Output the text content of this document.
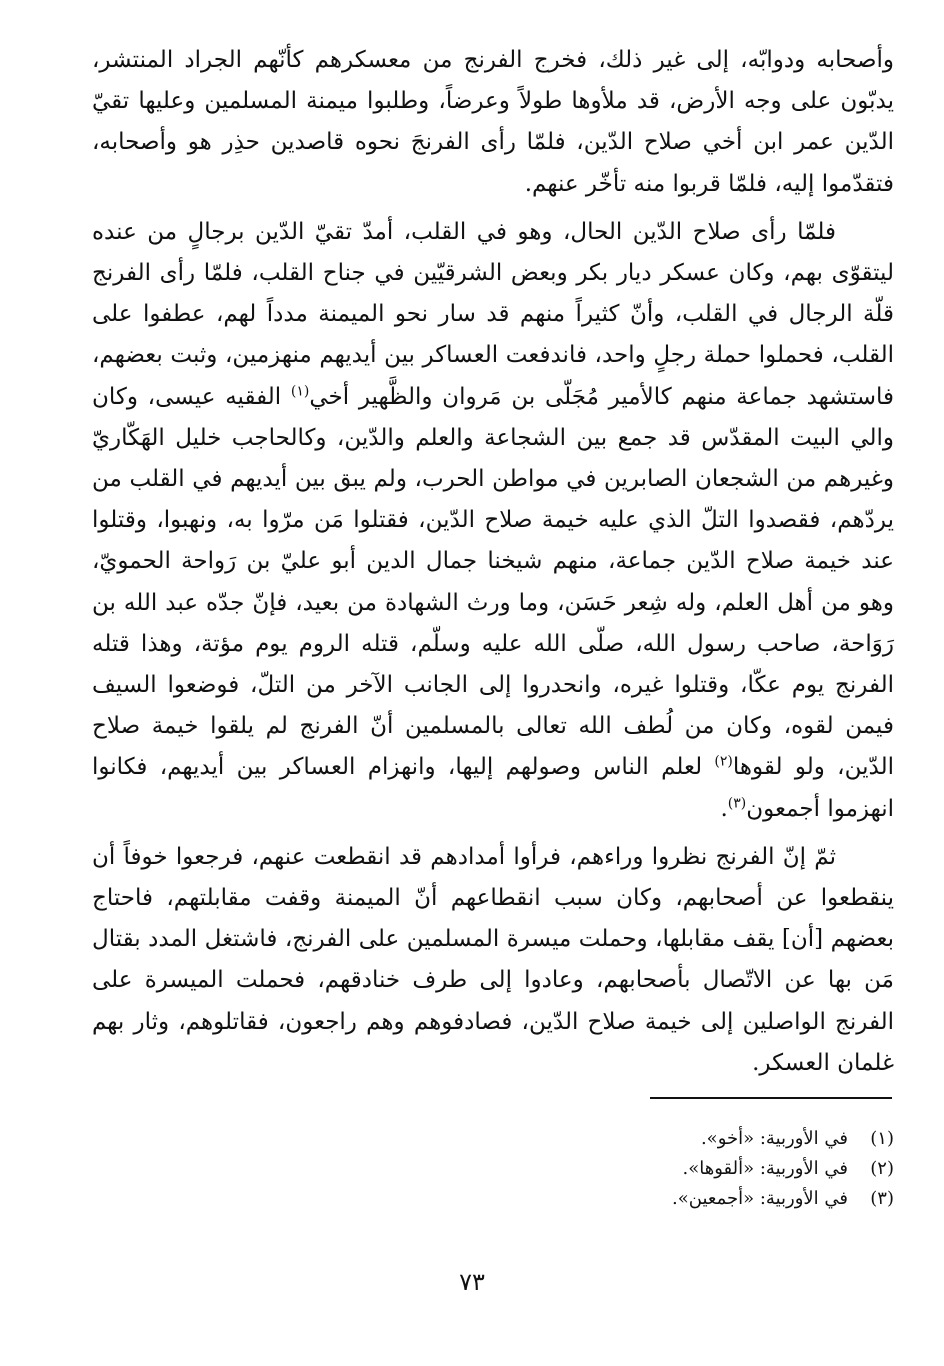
وأصحابه ودوابّه، إلى غير ذلك، فخرج الفرنج من معسكرهم كأنّهم الجراد المنتشر، يدبّون على وجه الأرض، قد ملأوها طولاً وعرضاً، وطلبوا ميمنة المسلمين وعليها تقيّ الدّين عمر ابن أخي صلاح الدّين، فلمّا رأى الفرنجَ نحوه قاصدين حذِر هو وأصحابه، فتقدّموا إليه، فلمّا قربوا منه تأخّر عنهم.

فلمّا رأى صلاح الدّين الحال، وهو في القلب، أمدّ تقيّ الدّين برجالٍ من عنده ليتقوّى بهم، وكان عسكر ديار بكر وبعض الشرقيّين في جناح القلب، فلمّا رأى الفرنج قلّة الرجال في القلب، وأنّ كثيراً منهم قد سار نحو الميمنة مدداً لهم، عطفوا على القلب، فحملوا حملة رجلٍ واحد، فاندفعت العساكر بين أيديهم منهزمين، وثبت بعضهم، فاستشهد جماعة منهم كالأمير مُجَلّى بن مَروان والظَّهير أخي$^{(١)}$ الفقيه عيسى، وكان والي البيت المقدّس قد جمع بين الشجاعة والعلم والدّين، وكالحاجب خليل الهَكّاريّ وغيرهم من الشجعان الصابرين في مواطن الحرب، ولم يبق بين أيديهم في القلب من يردّهم، فقصدوا التلّ الذي عليه خيمة صلاح الدّين، فقتلوا مَن مرّوا به، ونهبوا، وقتلوا عند خيمة صلاح الدّين جماعة، منهم شيخنا جمال الدين أبو عليّ بن رَواحة الحمويّ، وهو من أهل العلم، وله شِعر حَسَن، وما ورث الشهادة من بعيد، فإنّ جدّه عبد الله بن رَوَاحة، صاحب رسول الله، صلّى الله عليه وسلّم، قتله الروم يوم مؤتة، وهذا قتله الفرنج يوم عكّا، وقتلوا غيره، وانحدروا إلى الجانب الآخر من التلّ، فوضعوا السيف فيمن لقوه، وكان من لُطف الله تعالى بالمسلمين أنّ الفرنج لم يلقوا خيمة صلاح الدّين، ولو لقوها$^{(٢)}$ لعلم الناس وصولهم إليها، وانهزام العساكر بين أيديهم، فكانوا انهزموا أجمعون$^{(٣)}$.

ثمّ إنّ الفرنج نظروا وراءهم، فرأوا أمدادهم قد انقطعت عنهم، فرجعوا خوفاً أن ينقطعوا عن أصحابهم، وكان سبب انقطاعهم أنّ الميمنة وقفت مقابلتهم، فاحتاج بعضهم [أن] يقف مقابلها، وحملت ميسرة المسلمين على الفرنج، فاشتغل المدد بقتال مَن بها عن الاتّصال بأصحابهم، وعادوا إلى طرف خنادقهم، فحملت الميسرة على الفرنج الواصلين إلى خيمة صلاح الدّين، فصادفوهم وهم راجعون، فقاتلوهم، وثار بهم غلمان العسكر.

(١)
في الأوربية: «أخو».
(٢)
في الأوربية: «ألقوها».
(٣)
في الأوربية: «أجمعين».
٧٣
